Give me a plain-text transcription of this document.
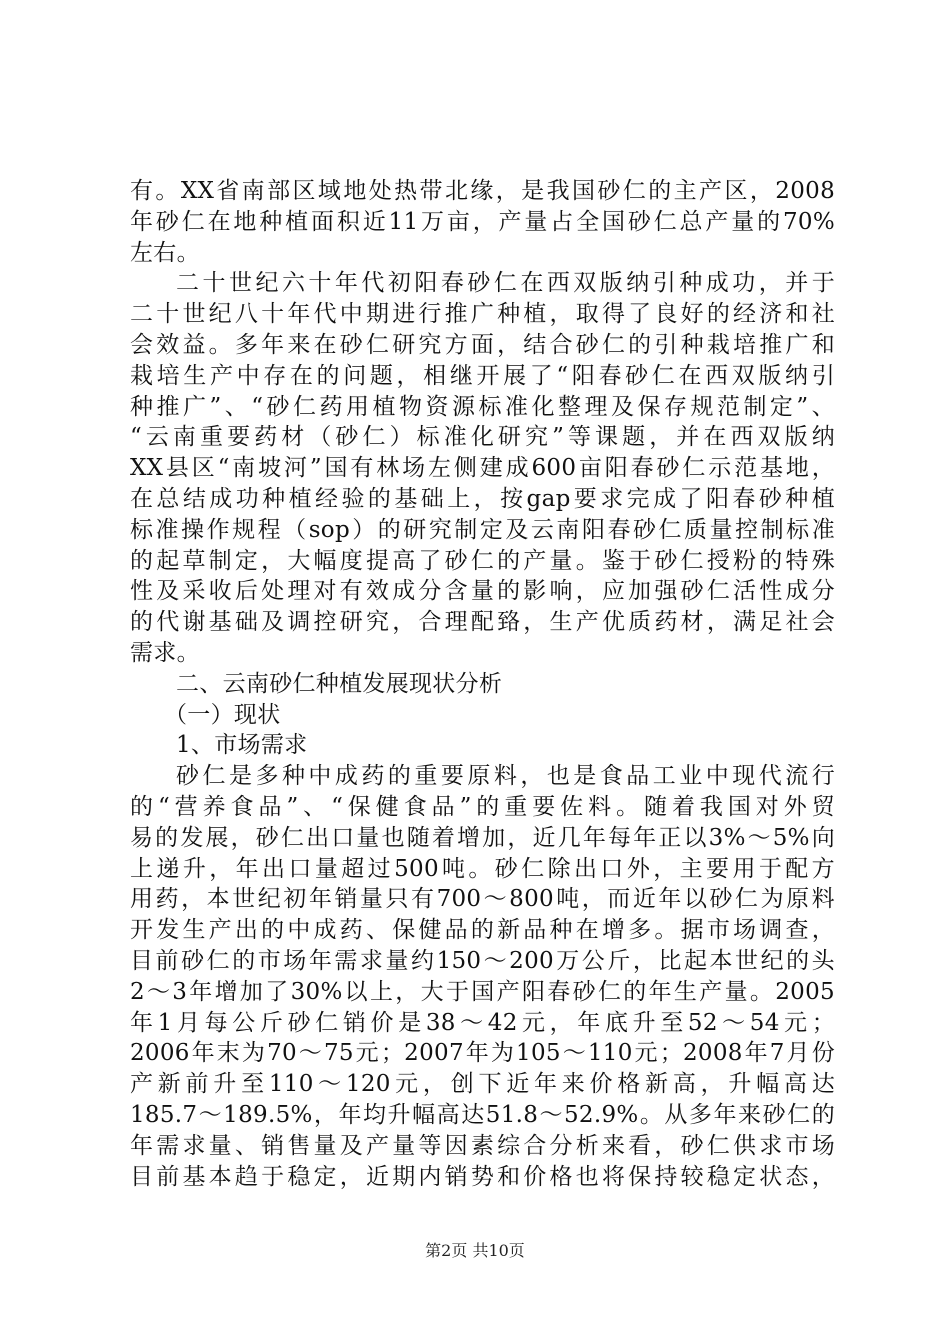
有。XX省南部区域地处热带北缘，是我国砂仁的主产区，2008
年砂仁在地种植面积近11万亩，产量占全国砂仁总产量的70%
左右。
二十世纪六十年代初阳春砂仁在西双版纳引种成功，并于
二十世纪八十年代中期进行推广种植，取得了良好的经济和社
会效益。多年来在砂仁研究方面，结合砂仁的引种栽培推广和
栽培生产中存在的问题，相继开展了“阳春砂仁在西双版纳引
种推广”、“砂仁药用植物资源标准化整理及保存规范制定”、
“云南重要药材（砂仁）标准化研究”等课题，并在西双版纳
XX县区“南坡河”国有林场左侧建成600亩阳春砂仁示范基地，
在总结成功种植经验的基础上，按gap要求完成了阳春砂种植
标准操作规程（sop）的研究制定及云南阳春砂仁质量控制标准
的起草制定，大幅度提高了砂仁的产量。鉴于砂仁授粉的特殊
性及采收后处理对有效成分含量的影响，应加强砂仁活性成分
的代谢基础及调控研究，合理配臵，生产优质药材，满足社会
需求。
二、云南砂仁种植发展现状分析
（一）现状
1、市场需求
砂仁是多种中成药的重要原料，也是食品工业中现代流行
的“营养食品”、“保健食品”的重要佐料。随着我国对外贸
易的发展，砂仁出口量也随着增加，近几年每年正以3%～5%向
上递升，年出口量超过500吨。砂仁除出口外，主要用于配方
用药，本世纪初年销量只有700～800吨，而近年以砂仁为原料
开发生产出的中成药、保健品的新品种在增多。据市场调查，
目前砂仁的市场年需求量约150～200万公斤，比起本世纪的头
2～3年增加了30%以上，大于国产阳春砂仁的年生产量。2005
年1月每公斤砂仁销价是38～42元，年底升至52～54元；
2006年末为70～75元；2007年为105～110元；2008年7月份
产新前升至110～120元，创下近年来价格新高，升幅高达
185.7～189.5%，年均升幅高达51.8～52.9%。从多年来砂仁的
年需求量、销售量及产量等因素综合分析来看，砂仁供求市场
目前基本趋于稳定，近期内销势和价格也将保持较稳定状态，
第2页 共10页
